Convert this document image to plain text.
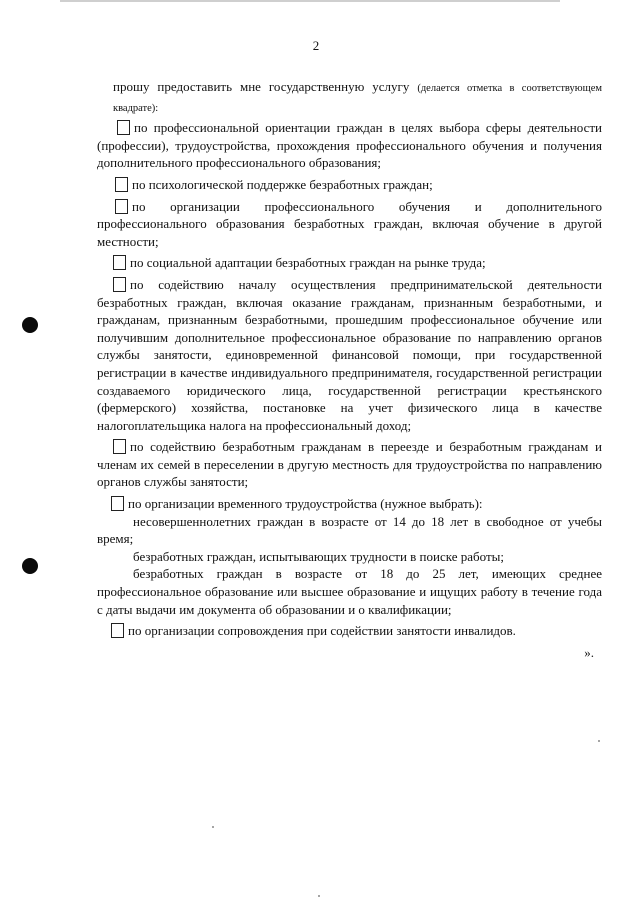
2

прошу предоставить мне государственную услугу (делается отметка в соответствующем квадрате):

по профессиональной ориентации граждан в целях выбора сферы деятельности (профессии), трудоустройства, прохождения профессионального обучения и получения дополнительного профессионального образования;

по психологической поддержке безработных граждан;

по организации профессионального обучения и дополнительного профессионального образования безработных граждан, включая обучение в другой местности;

по социальной адаптации безработных граждан на рынке труда;

по содействию началу осуществления предпринимательской деятельности безработных граждан, включая оказание гражданам, признанным безработными, и гражданам, признанным безработными, прошедшим профессиональное обучение или получившим дополнительное профессиональное образование по направлению органов службы занятости, единовременной финансовой помощи, при государственной регистрации в качестве индивидуального предпринимателя, государственной регистрации создаваемого юридического лица, государственной регистрации крестьянского (фермерского) хозяйства, постановке на учет физического лица в качестве налогоплательщика налога на профессиональный доход;

по содействию безработным гражданам в переезде и безработным гражданам и членам их семей в переселении в другую местность для трудоустройства по направлению органов службы занятости;

по организации временного трудоустройства (нужное выбрать):

несовершеннолетних граждан в возрасте от 14 до 18 лет в свободное от учебы время;

безработных граждан, испытывающих трудности в поиске работы;

безработных граждан в возрасте от 18 до 25 лет, имеющих среднее профессиональное образование или высшее образование и ищущих работу в течение года с даты выдачи им документа об образовании и о квалификации;

по организации сопровождения при содействии занятости инвалидов.

».
